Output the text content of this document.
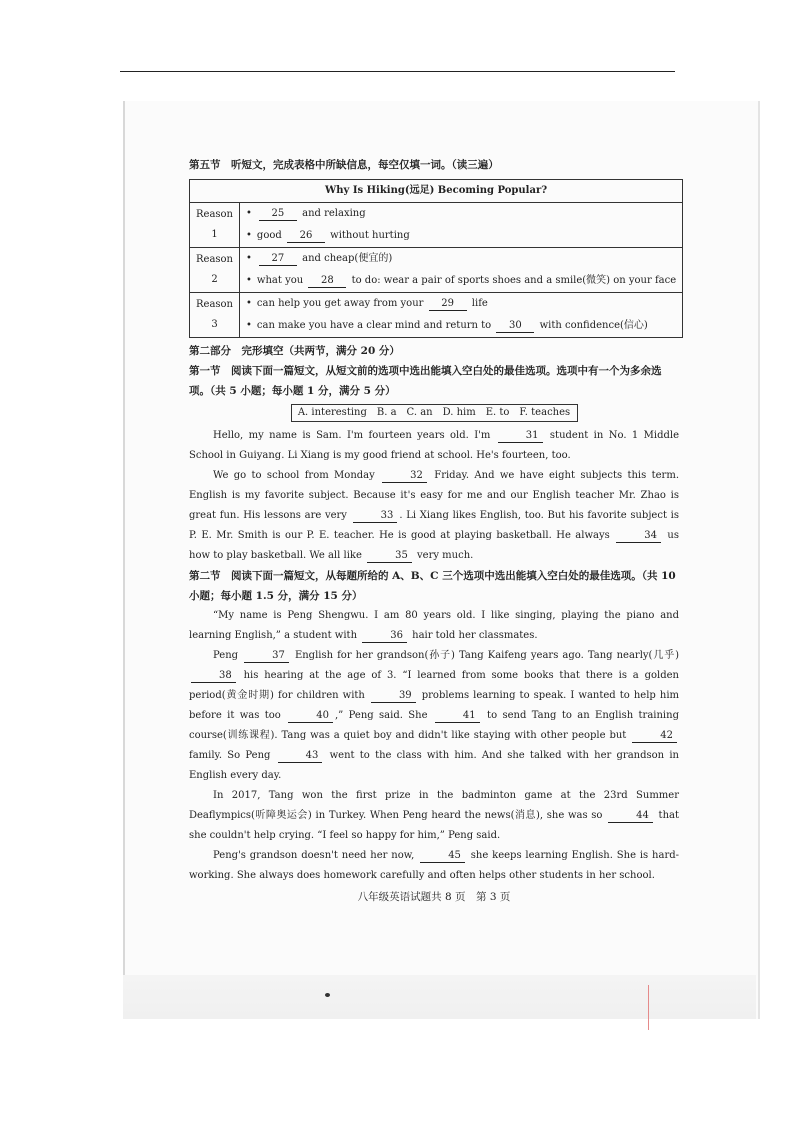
第五节　听短文，完成表格中所缺信息，每空仅填一词。（读三遍）

Why Is Hiking(远足) Becoming Popular?	
Reason 1	• 25 and relaxing
• good 26 without hurting

Reason 2	• 27 and cheap(便宜的)
• what you 28 to do: wear a pair of sports shoes and a smile(微笑) on your face

Reason 3	• can help you get away from your 29 life
• can make you have a clear mind and return to 30 with confidence(信心)

第二部分　完形填空（共两节，满分 20 分）

第一节　阅读下面一篇短文，从短文前的选项中选出能填入空白处的最佳选项。选项中有一个为多余选项。（共 5 小题；每小题 1 分，满分 5 分）

A. interesting　B. a　C. an　D. him　E. to　F. teaches

Hello, my name is Sam. I'm fourteen years old. I'm	31 student in No. 1 Middle School in Guiyang. Li Xiang is my good friend at school. He's fourteen, too.

We go to school from Monday	32 Friday. And we have eight subjects this term. English is my favorite subject. Because it's easy for me and our English teacher Mr. Zhao is great fun. His lessons are very	33 . Li Xiang likes English, too. But his favorite subject is P. E. Mr. Smith is our P. E. teacher. He is good at playing basketball. He always	34 us how to play basketball. We all like	35 very much.

第二节　阅读下面一篇短文，从每题所给的 A、B、C 三个选项中选出能填入空白处的最佳选项。（共 10 小题；每小题 1.5 分，满分 15 分）

“My name is Peng Shengwu. I am 80 years old. I like singing, playing the piano and learning English,” a student with	36 hair told her classmates.

Peng	37 English for her grandson(孙子) Tang Kaifeng years ago. Tang nearly(几乎) 38 his hearing at the age of 3. “I learned from some books that there is a golden period(黄金时期) for children with	39 problems learning to speak. I wanted to help him before it was too	40 ,” Peng said. She	41 to send Tang to an English training course(训练课程). Tang was a quiet boy and didn't like staying with other people but	42 family. So Peng	43 went to the class with him. And she talked with her grandson in English every day.

In 2017, Tang won the first prize in the badminton game at the 23rd Summer Deaflympics(听障奥运会) in Turkey. When Peng heard the news(消息), she was so	44 that she couldn't help crying. “I feel so happy for him,” Peng said.

Peng's grandson doesn't need her now,	45 she keeps learning English. She is hard-working. She always does homework carefully and often helps other students in her school.

八年级英语试题共 8 页　第 3 页
